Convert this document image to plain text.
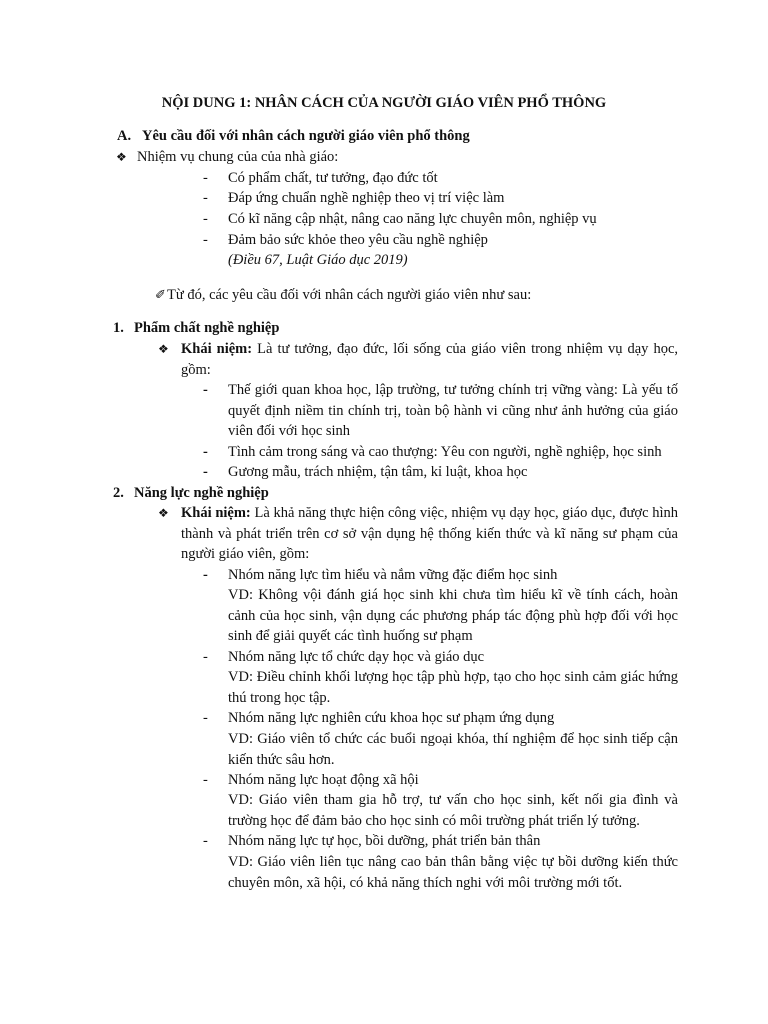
NỘI DUNG 1: NHÂN CÁCH CỦA NGƯỜI GIÁO VIÊN PHỔ THÔNG
A. Yêu cầu đối với nhân cách người giáo viên phổ thông
❖ Nhiệm vụ chung của của nhà giáo:
-	Có phẩm chất, tư tưởng, đạo đức tốt
-	Đáp ứng chuẩn nghề nghiệp theo vị trí việc làm
-	Có kĩ năng cập nhật, nâng cao năng lực chuyên môn, nghiệp vụ
-	Đảm bảo sức khỏe theo yêu cầu nghề nghiệp
(Điều 67, Luật Giáo dục 2019)
✐ Từ đó, các yêu cầu đối với nhân cách người giáo viên như sau:
1. Phẩm chất nghề nghiệp
❖ Khái niệm: Là tư tưởng, đạo đức, lối sống của giáo viên trong nhiệm vụ dạy học, gồm:
-	Thế giới quan khoa học, lập trường, tư tưởng chính trị vững vàng: Là yếu tố quyết định niềm tin chính trị, toàn bộ hành vi cũng như ảnh hưởng của giáo viên đối với học sinh
-	Tình cảm trong sáng và cao thượng: Yêu con người, nghề nghiệp, học sinh
-	Gương mẫu, trách nhiệm, tận tâm, kỉ luật, khoa học
2. Năng lực nghề nghiệp
❖ Khái niệm: Là khả năng thực hiện công việc, nhiệm vụ dạy học, giáo dục, được hình thành và phát triển trên cơ sở vận dụng hệ thống kiến thức và kĩ năng sư phạm của người giáo viên, gồm:
-	Nhóm năng lực tìm hiểu và nắm vững đặc điểm học sinh
VD: Không vội đánh giá học sinh khi chưa tìm hiểu kĩ về tính cách, hoàn cảnh của học sinh, vận dụng các phương pháp tác động phù hợp đối với học sinh để giải quyết các tình huống sư phạm
-	Nhóm năng lực tổ chức dạy học và giáo dục
VD: Điều chỉnh khối lượng học tập phù hợp, tạo cho học sinh cảm giác hứng thú trong học tập.
-	Nhóm năng lực nghiên cứu khoa học sư phạm ứng dụng
VD: Giáo viên tổ chức các buổi ngoại khóa, thí nghiệm để học sinh tiếp cận kiến thức sâu hơn.
-	Nhóm năng lực hoạt động xã hội
VD: Giáo viên tham gia hỗ trợ, tư vấn cho học sinh, kết nối gia đình và trường học để đảm bảo cho học sinh có môi trường phát triển lý tưởng.
-	Nhóm năng lực tự học, bồi dưỡng, phát triển bản thân
VD: Giáo viên liên tục nâng cao bản thân bằng việc tự bồi dưỡng kiến thức chuyên môn, xã hội, có khả năng thích nghi với môi trường mới tốt.
